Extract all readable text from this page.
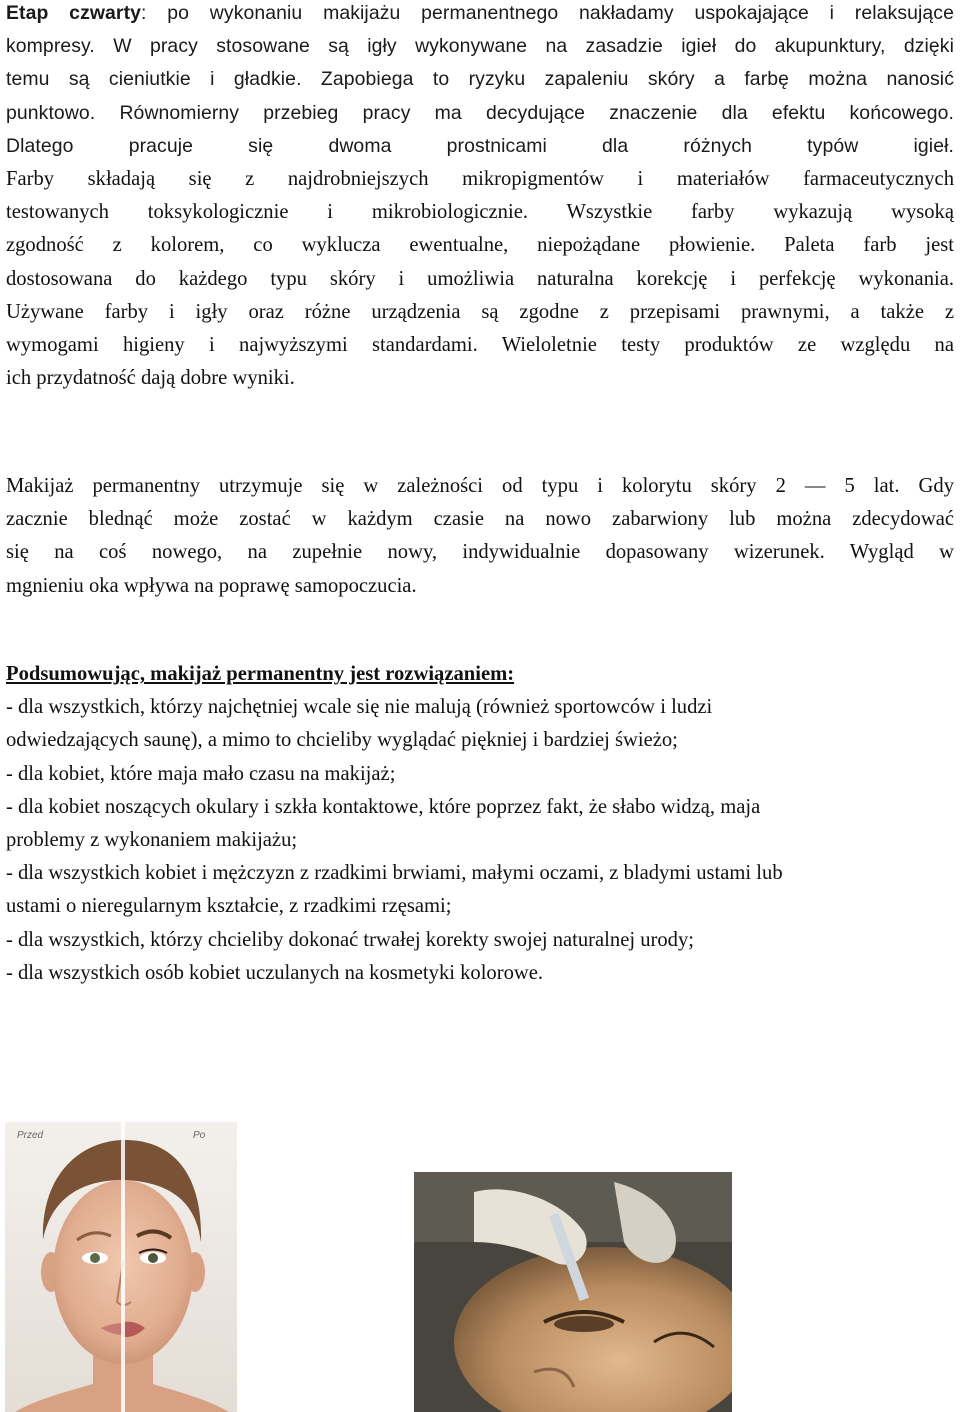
Etap czwarty: po wykonaniu makijażu permanentnego nakładamy uspokajające i relaksujące
kompresy. W pracy stosowane są igły wykonywane na zasadzie igieł do akupunktury, dzięki
temu są cieniutkie i gładkie. Zapobiega to ryzyku zapaleniu skóry a farbę można nanosić
punktowo. Równomierny przebieg pracy ma decydujące znaczenie dla efektu końcowego.
Dlatego pracuje się dwoma prostnicami dla różnych typów igieł.
Farby składają się z najdrobniejszych mikropigmentów i materiałów farmaceutycznych
testowanych toksykologicznie i mikrobiologicznie. Wszystkie farby wykazują wysoką
zgodność z kolorem, co wyklucza ewentualne, niepożądane płowienie. Paleta farb jest
dostosowana do każdego typu skóry i umożliwia naturalna korekcję i perfekcję wykonania.
Używane farby i igły oraz różne urządzenia są zgodne z przepisami prawnymi, a także z
wymogami higieny i najwyższymi standardami. Wieloletnie testy produktów ze względu na
ich przydatność dają dobre wyniki.
Makijaż permanentny utrzymuje się w zależności od typu i kolorytu skóry 2 — 5 lat. Gdy
zacznie blednąć może zostać w każdym czasie na nowo zabarwiony lub można zdecydować
się na coś nowego, na zupełnie nowy, indywidualnie dopasowany wizerunek. Wygląd w
mgnieniu oka wpływa na poprawę samopoczucia.
Podsumowując, makijaż permanentny jest rozwiązaniem:
- dla wszystkich, którzy najchętniej wcale się nie malują (również sportowców i ludzi
odwiedzających saunę), a mimo to chcieliby wyglądać piękniej i bardziej świeżo;
- dla kobiet, które maja mało czasu na makijaż;
- dla kobiet noszących okulary i szkła kontaktowe, które poprzez fakt, że słabo widzą, maja
problemy z wykonaniem makijażu;
- dla wszystkich kobiet i mężczyzn z rzadkimi brwiami, małymi oczami, z bladymi ustami lub
ustami o nieregularnym kształcie, z rzadkimi rzęsami;
- dla wszystkich, którzy chcieliby dokonać trwałej korekty swojej naturalnej urody;
- dla wszystkich osób kobiet uczulanych na kosmetyki kolorowe.
Przed	Po
